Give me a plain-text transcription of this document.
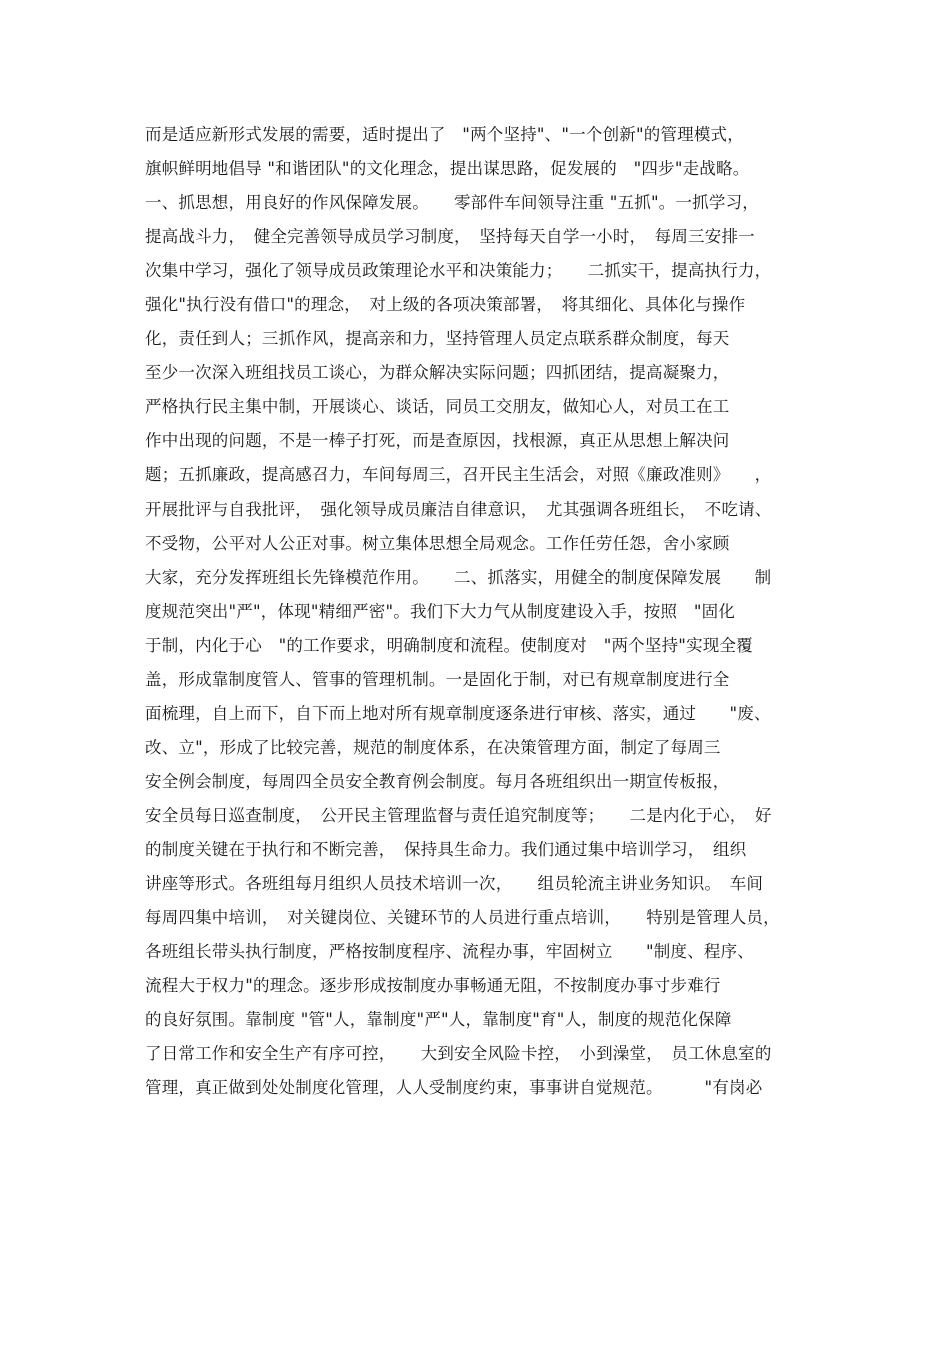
而是适应新形式发展的需要，适时提出了　"两个坚持"、"一个创新"的管理模式，
旗帜鲜明地倡导 "和谐团队"的文化理念，提出谋思路，促发展的　"四步"走战略。
一、抓思想，用良好的作风保障发展。　　零部件车间领导注重 "五抓"。一抓学习，
提高战斗力，　健全完善领导成员学习制度，　坚持每天自学一小时，　每周三安排一
次集中学习，强化了领导成员政策理论水平和决策能力；　　二抓实干，提高执行力，
强化"执行没有借口"的理念，　对上级的各项决策部署，　将其细化、具体化与操作
化，责任到人；三抓作风，提高亲和力，坚持管理人员定点联系群众制度，每天
至少一次深入班组找员工谈心，为群众解决实际问题；四抓团结，提高凝聚力，
严格执行民主集中制，开展谈心、谈话，同员工交朋友，做知心人，对员工在工
作中出现的问题，不是一棒子打死，而是查原因，找根源，真正从思想上解决问
题；五抓廉政，提高感召力，车间每周三，召开民主生活会，对照《廉政准则》　　，
开展批评与自我批评，　强化领导成员廉洁自律意识，　尤其强调各班组长，　不吃请、
不受物，公平对人公正对事。树立集体思想全局观念。工作任劳任怨，舍小家顾
大家，充分发挥班组长先锋模范作用。　　二、抓落实，用健全的制度保障发展　　制
度规范突出"严"，体现"精细严密"。我们下大力气从制度建设入手，按照　"固化
于制，内化于心　"的工作要求，明确制度和流程。使制度对　"两个坚持"实现全覆
盖，形成靠制度管人、管事的管理机制。一是固化于制，对已有规章制度进行全
面梳理，自上而下，自下而上地对所有规章制度逐条进行审核、落实，通过　　"废、
改、立"，形成了比较完善，规范的制度体系，在决策管理方面，制定了每周三
安全例会制度，每周四全员安全教育例会制度。每月各班组织出一期宣传板报，
安全员每日巡查制度，　公开民主管理监督与责任追究制度等；　　二是内化于心，　好
的制度关键在于执行和不断完善，　保持具生命力。我们通过集中培训学习，　组织
讲座等形式。各班组每月组织人员技术培训一次，　　组员轮流主讲业务知识。　车间
每周四集中培训，　对关键岗位、关键环节的人员进行重点培训，　　特别是管理人员，
各班组长带头执行制度，严格按制度程序、流程办事，牢固树立　　"制度、程序、
流程大于权力"的理念。逐步形成按制度办事畅通无阻，不按制度办事寸步难行
的良好氛围。靠制度 "管"人，靠制度"严"人，靠制度"育"人，制度的规范化保障
了日常工作和安全生产有序可控，　　大到安全风险卡控，　小到澡堂，　员工休息室的
管理，真正做到处处制度化管理，人人受制度约束，事事讲自觉规范。　　　"有岗必
